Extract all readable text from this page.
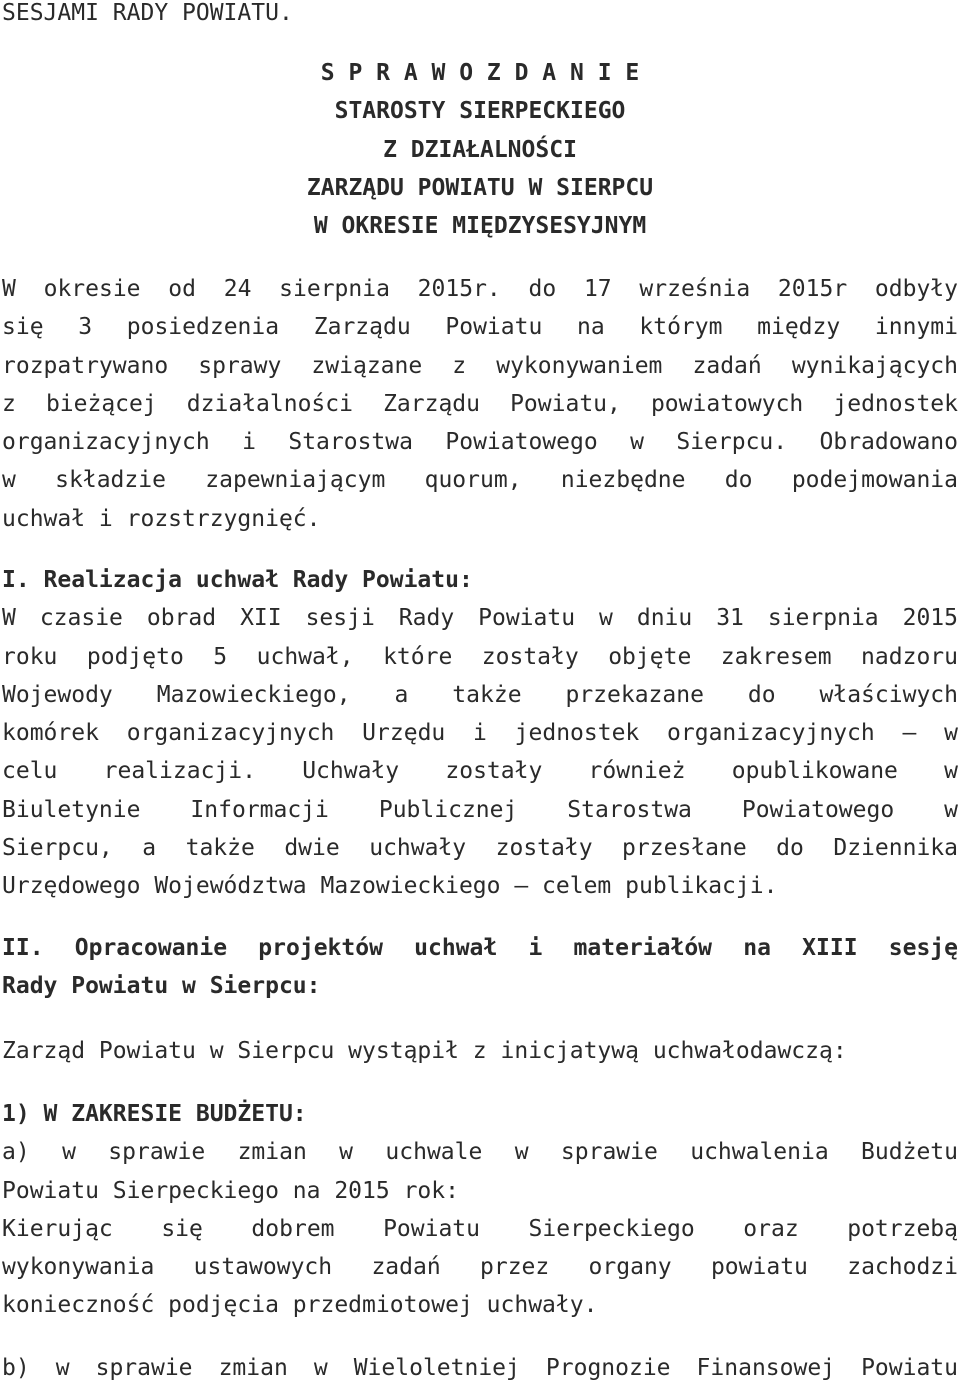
SESJAMI RADY POWIATU.
S P R A W O Z D A N I E
STAROSTY SIERPECKIEGO
Z DZIAŁALNOŚCI
ZARZĄDU POWIATU W SIERPCU
W OKRESIE MIĘDZYSESYJNYM
W okresie od 24 sierpnia 2015r. do 17 września 2015r odbyły
się 3 posiedzenia Zarządu Powiatu na którym między innymi
rozpatrywano sprawy związane z wykonywaniem zadań wynikających
z bieżącej działalności Zarządu Powiatu, powiatowych jednostek
organizacyjnych i Starostwa Powiatowego w Sierpcu. Obradowano
w składzie zapewniającym quorum, niezbędne do podejmowania
uchwał i rozstrzygnięć.
I. Realizacja uchwał Rady Powiatu:
W czasie obrad XII sesji Rady Powiatu w dniu 31 sierpnia 2015
roku podjęto 5 uchwał, które zostały objęte zakresem nadzoru
Wojewody Mazowieckiego, a także przekazane do właściwych
komórek organizacyjnych Urzędu i jednostek organizacyjnych – w
celu realizacji. Uchwały zostały również opublikowane w
Biuletynie Informacji Publicznej Starostwa Powiatowego w
Sierpcu, a także dwie uchwały zostały przesłane do Dziennika
Urzędowego Województwa Mazowieckiego – celem publikacji.
II. Opracowanie projektów uchwał i materiałów na XIII sesję
Rady Powiatu w Sierpcu:
Zarząd Powiatu w Sierpcu wystąpił z inicjatywą uchwałodawczą:
1) W ZAKRESIE BUDŻETU:
a) w sprawie zmian w uchwale w sprawie uchwalenia Budżetu
Powiatu Sierpeckiego na 2015 rok:
Kierując się dobrem Powiatu Sierpeckiego oraz potrzebą
wykonywania ustawowych zadań przez organy powiatu zachodzi
konieczność podjęcia przedmiotowej uchwały.
b) w sprawie zmian w Wieloletniej Prognozie Finansowej Powiatu
